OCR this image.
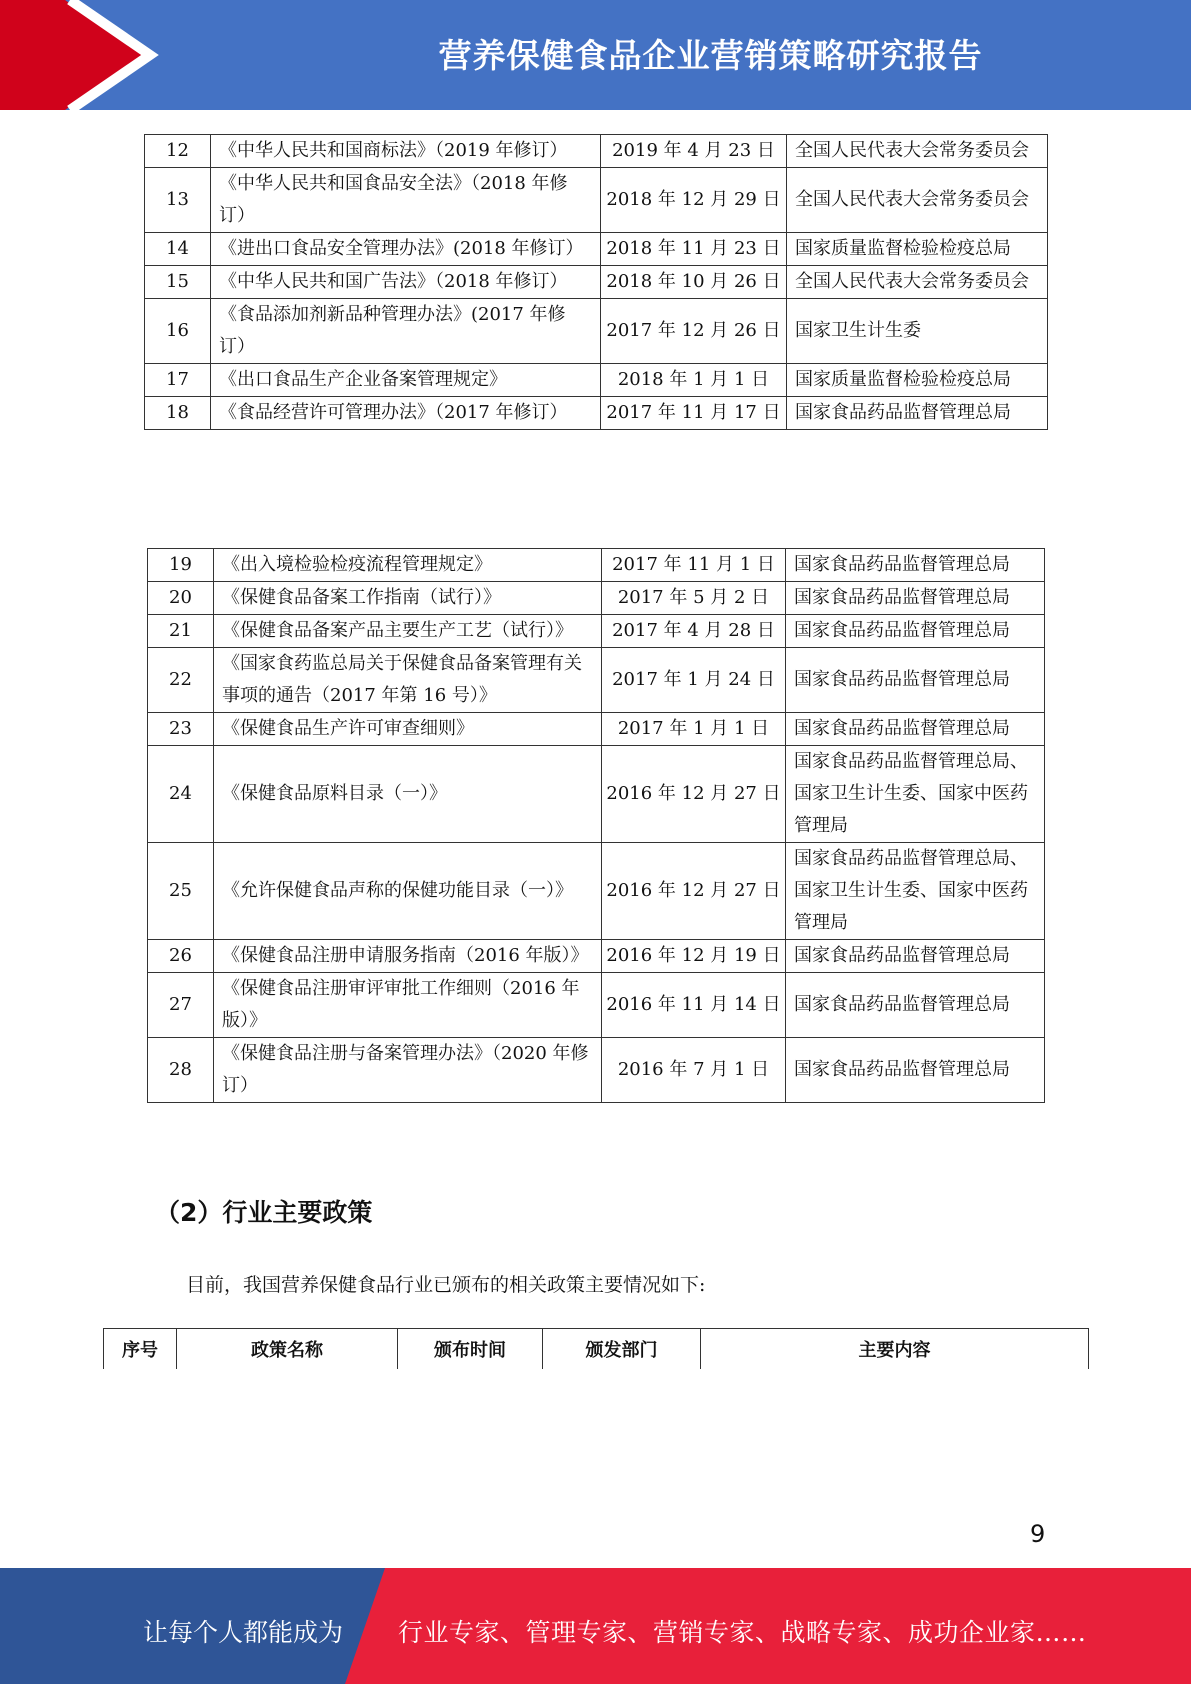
营养保健食品企业营销策略研究报告
12	《中华人民共和国商标法》（2019 年修订）	2019 年 4 月 23 日	全国人民代表大会常务委员会
13	《中华人民共和国食品安全法》（2018 年修订）	2018 年 12 月 29 日	全国人民代表大会常务委员会
14	《进出口食品安全管理办法》(2018 年修订）	2018 年 11 月 23 日	国家质量监督检验检疫总局
15	《中华人民共和国广告法》（2018 年修订）	2018 年 10 月 26 日	全国人民代表大会常务委员会
16	《食品添加剂新品种管理办法》(2017 年修订）	2017 年 12 月 26 日	国家卫生计生委
17	《出口食品生产企业备案管理规定》	2018 年 1 月 1 日	国家质量监督检验检疫总局
18	《食品经营许可管理办法》（2017 年修订）	2017 年 11 月 17 日	国家食品药品监督管理总局
19	《出入境检验检疫流程管理规定》	2017 年 11 月 1 日	国家食品药品监督管理总局
20	《保健食品备案工作指南（试行）》	2017 年 5 月 2 日	国家食品药品监督管理总局
21	《保健食品备案产品主要生产工艺（试行）》	2017 年 4 月 28 日	国家食品药品监督管理总局
22	《国家食药监总局关于保健食品备案管理有关事项的通告（2017 年第 16 号）》	2017 年 1 月 24 日	国家食品药品监督管理总局
23	《保健食品生产许可审查细则》	2017 年 1 月 1 日	国家食品药品监督管理总局
24	《保健食品原料目录（一）》	2016 年 12 月 27 日	国家食品药品监督管理总局、国家卫生计生委、国家中医药管理局
25	《允许保健食品声称的保健功能目录（一）》	2016 年 12 月 27 日	国家食品药品监督管理总局、国家卫生计生委、国家中医药管理局
26	《保健食品注册申请服务指南（2016 年版）》	2016 年 12 月 19 日	国家食品药品监督管理总局
27	《保健食品注册审评审批工作细则（2016 年版）》	2016 年 11 月 14 日	国家食品药品监督管理总局
28	《保健食品注册与备案管理办法》（2020 年修订）	2016 年 7 月 1 日	国家食品药品监督管理总局
（2）行业主要政策
目前，我国营养保健食品行业已颁布的相关政策主要情况如下:
序号	政策名称	颁布时间	颁发部门	主要内容
9
让每个人都能成为 行业专家、管理专家、营销专家、战略专家、成功企业家……
